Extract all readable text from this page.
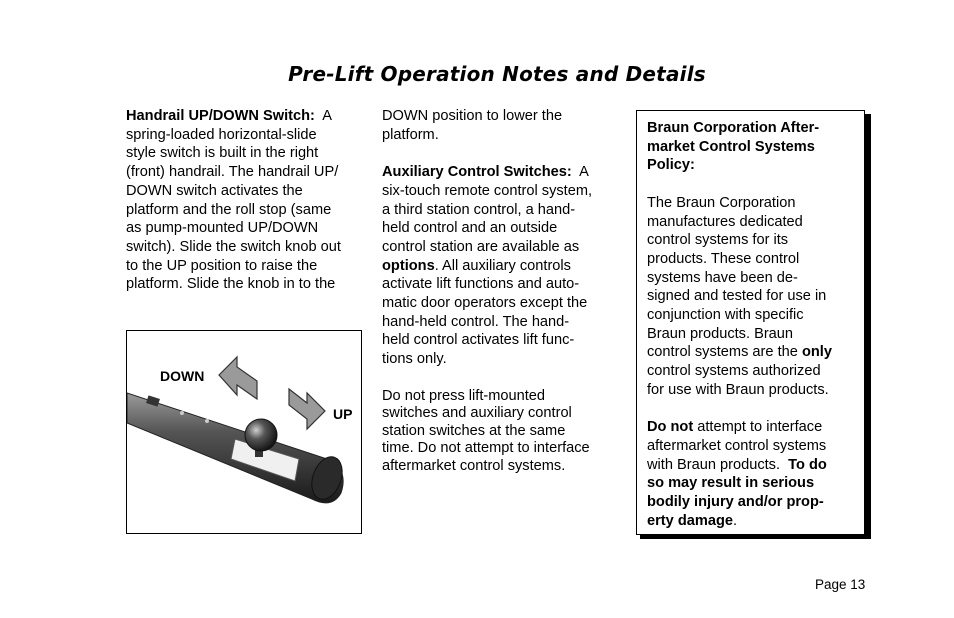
Pre-Lift Operation Notes and Details

Handrail UP/DOWN Switch: A

spring-loaded horizontal-slide

style switch is built in the right

(front) handrail. The handrail UP/

DOWN switch activates the

platform and the roll stop (same

as pump-mounted UP/DOWN

switch). Slide the switch knob out

to the UP position to raise the

platform. Slide the knob in to the

DOWN
UP

DOWN position to lower the

platform.

Auxiliary Control Switches: A

six-touch remote control system,

a third station control, a hand-

held control and an outside

control station are available as

options. All auxiliary controls

activate lift functions and auto-

matic door operators except the

hand-held control. The hand-

held control activates lift func-

tions only.

Do not press lift-mounted

switches and auxiliary control

station switches at the same

time. Do not attempt to interface

aftermarket control systems.

Braun Corporation After-

market Control Systems

Policy:

The Braun Corporation

manufactures dedicated

control systems for its

products. These control

systems have been de-

signed and tested for use in

conjunction with specific

Braun products. Braun

control systems are the only

control systems authorized

for use with Braun products.

Do not attempt to interface

aftermarket control systems

with Braun products. To do

so may result in serious

bodily injury and/or prop-

erty damage.

Page 13
